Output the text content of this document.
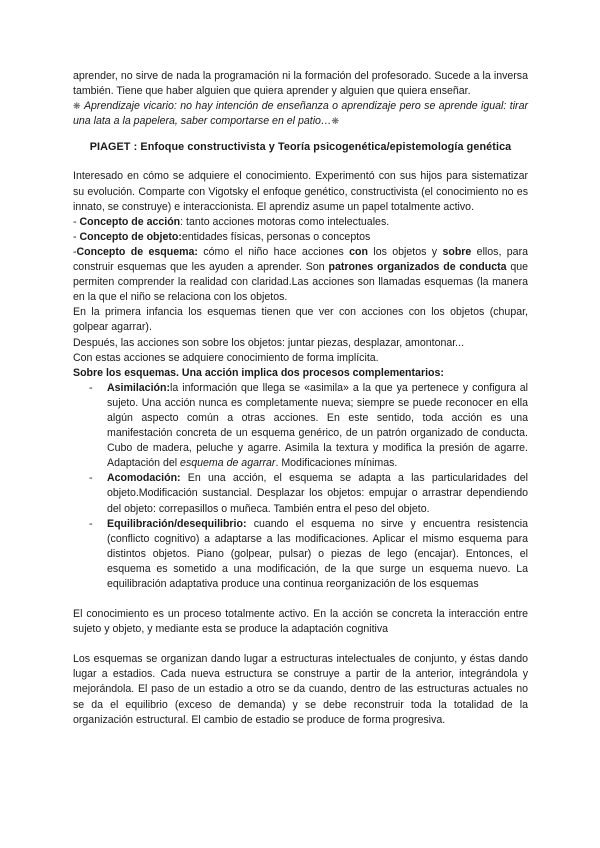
aprender, no sirve de nada la programación ni la formación del profesorado. Sucede a la inversa también. Tiene que haber alguien que quiera aprender y alguien que quiera enseñar.
❋ Aprendizaje vicario: no hay intención de enseñanza o aprendizaje pero se aprende igual: tirar una lata a la papelera, saber comportarse en el patio…❋

PIAGET : Enfoque constructivista y Teoría psicogenética/epistemología genética

Interesado en cómo se adquiere el conocimiento. Experimentó con sus hijos para sistematizar su evolución. Comparte con Vigotsky el enfoque genético, constructivista (el conocimiento no es innato, se construye) e interaccionista. El aprendiz asume un papel totalmente activo.

- Concepto de acción: tanto acciones motoras como intelectuales.

- Concepto de objeto:entidades físicas, personas o conceptos

-Concepto de esquema: cómo el niño hace acciones con los objetos y sobre ellos, para construir esquemas que les ayuden a aprender. Son patrones organizados de conducta que permiten comprender la realidad con claridad.Las acciones son llamadas esquemas (la manera en la que el niño se relaciona con los objetos.

En la primera infancia los esquemas tienen que ver con acciones con los objetos (chupar, golpear agarrar).

Después, las acciones son sobre los objetos: juntar piezas, desplazar, amontonar...

Con estas acciones se adquiere conocimiento de forma implícita.

Sobre los esquemas. Una acción implica dos procesos complementarios:

- Asimilación:la información que llega se «asimila» a la que ya pertenece y configura al sujeto. Una acción nunca es completamente nueva; siempre se puede reconocer en ella algún aspecto común a otras acciones. En este sentido, toda acción es una manifestación concreta de un esquema genérico, de un patrón organizado de conducta. Cubo de madera, peluche y agarre. Asimila la textura y modifica la presión de agarre. Adaptación del esquema de agarrar. Modificaciones mínimas.
- Acomodación: En una acción, el esquema se adapta a las particularidades del objeto.Modificación sustancial. Desplazar los objetos: empujar o arrastrar dependiendo del objeto: correpasillos o muñeca. También entra el peso del objeto.
- Equilibración/desequilibrio: cuando el esquema no sirve y encuentra resistencia (conflicto cognitivo) a adaptarse a las modificaciones. Aplicar el mismo esquema para distintos objetos. Piano (golpear, pulsar) o piezas de lego (encajar). Entonces, el esquema es sometido a una modificación, de la que surge un esquema nuevo. La equilibración adaptativa produce una continua reorganización de los esquemas

El conocimiento es un proceso totalmente activo. En la acción se concreta la interacción entre sujeto y objeto, y mediante esta se produce la adaptación cognitiva

Los esquemas se organizan dando lugar a estructuras intelectuales de conjunto, y éstas dando lugar a estadios. Cada nueva estructura se construye a partir de la anterior, integrándola y mejorándola. El paso de un estadio a otro se da cuando, dentro de las estructuras actuales no se da el equilibrio (exceso de demanda) y se debe reconstruir toda la totalidad de la organización estructural. El cambio de estadio se produce de forma progresiva.
